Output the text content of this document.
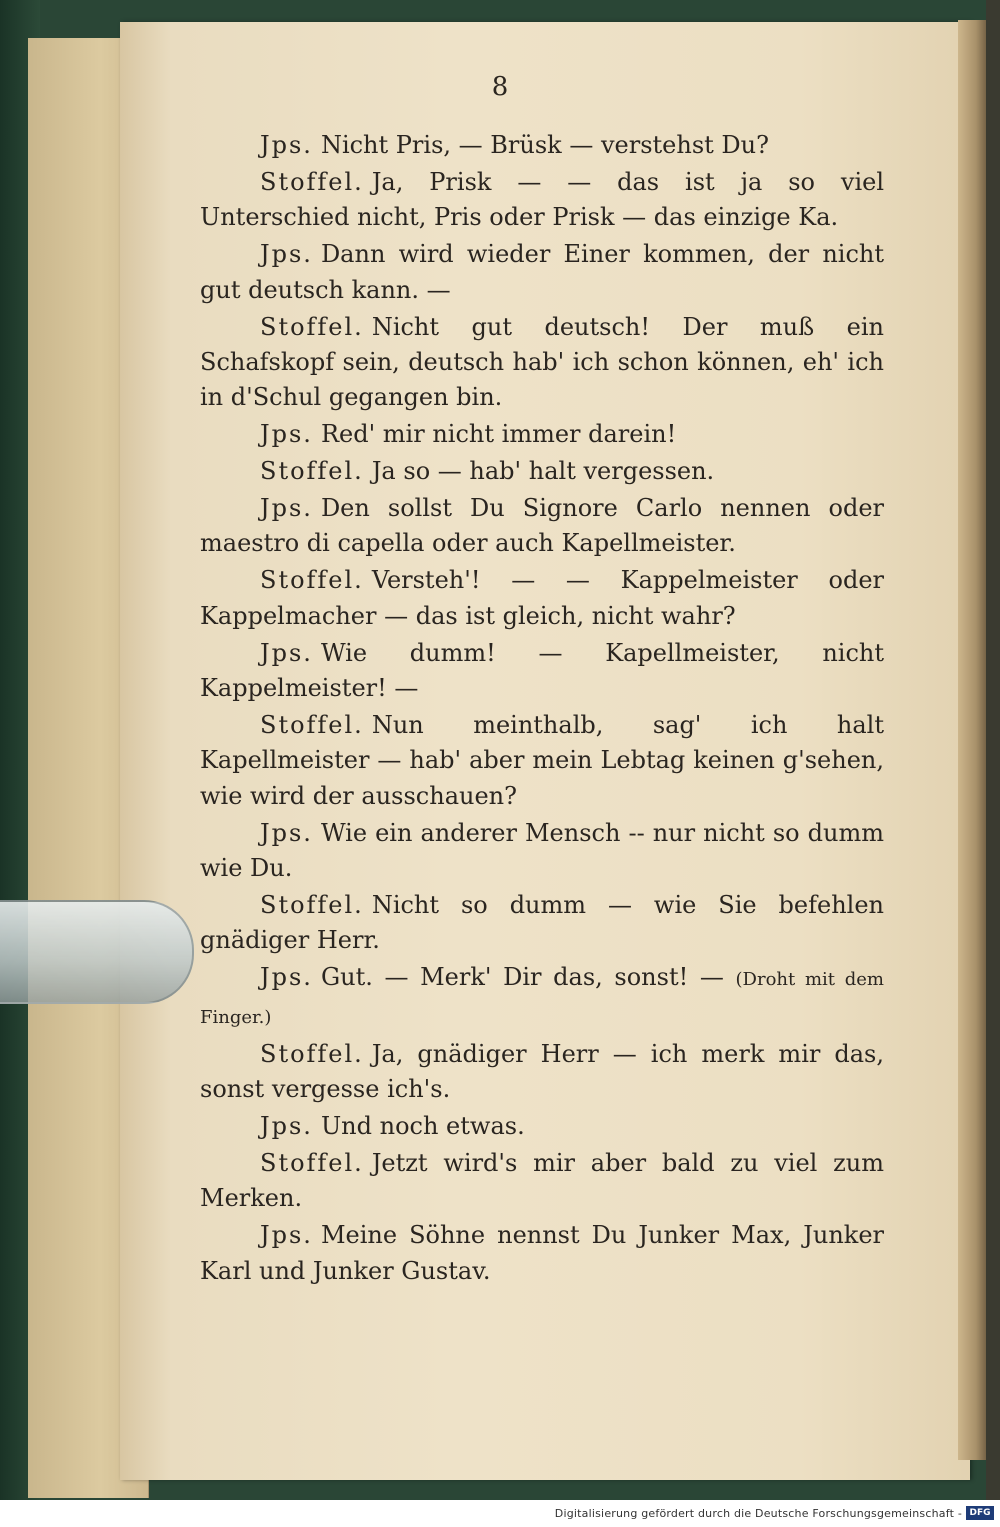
8

Jps. Nicht Pris, — Brüsk — verstehst Du?

Stoffel. Ja, Prisk — — das ist ja so viel Unterschied nicht, Pris oder Prisk — das einzige Ka.

Jps. Dann wird wieder Einer kommen, der nicht gut deutsch kann. —

Stoffel. Nicht gut deutsch! Der muß ein Schafskopf sein, deutsch hab' ich schon können, eh' ich in d'Schul gegangen bin.

Jps. Red' mir nicht immer darein!

Stoffel. Ja so — hab' halt vergessen.

Jps. Den sollst Du Signore Carlo nennen oder maestro di capella oder auch Kapellmeister.

Stoffel. Versteh'! — — Kappelmeister oder Kappelmacher — das ist gleich, nicht wahr?

Jps. Wie dumm! — Kapellmeister, nicht Kappelmeister! —

Stoffel. Nun meinthalb, sag' ich halt Kapellmeister — hab' aber mein Lebtag keinen g'sehen, wie wird der ausschauen?

Jps. Wie ein anderer Mensch -- nur nicht so dumm wie Du.

Stoffel. Nicht so dumm — wie Sie befehlen gnädiger Herr.

Jps. Gut. — Merk' Dir das, sonst! — (Droht mit dem Finger.)

Stoffel. Ja, gnädiger Herr — ich merk mir das, sonst vergesse ich's.

Jps. Und noch etwas.

Stoffel. Jetzt wird's mir aber bald zu viel zum Merken.

Jps. Meine Söhne nennst Du Junker Max, Junker Karl und Junker Gustav.

Digitalisierung gefördert durch die Deutsche Forschungsgemeinschaft - DFG
